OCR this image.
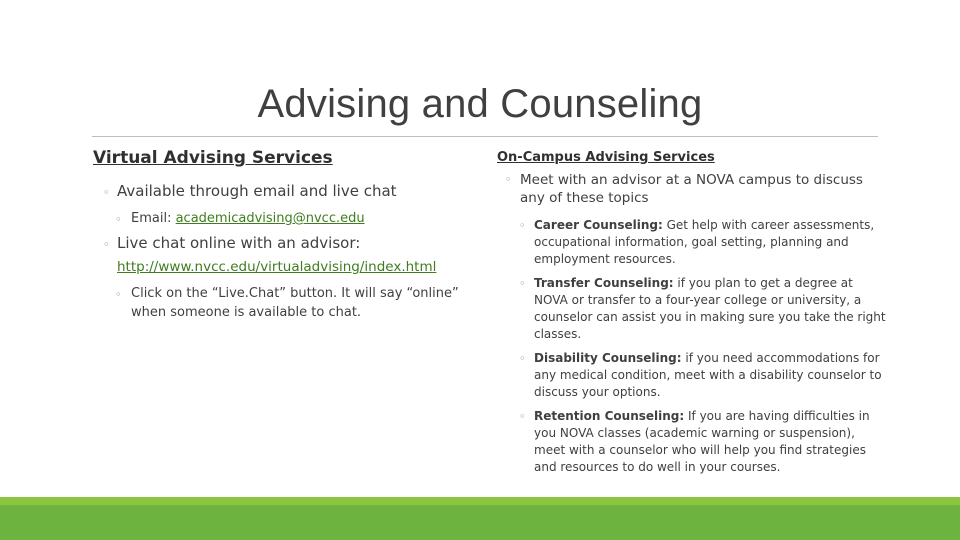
Advising and Counseling
Virtual Advising Services
◦ Available through email and live chat
◦ Email: academicadvising@nvcc.edu
◦ Live chat online with an advisor:
http://www.nvcc.edu/virtualadvising/index.html
◦ Click on the “Live.Chat” button. It will say “online” when someone is available to chat.
On-Campus Advising Services
◦ Meet with an advisor at a NOVA campus to discuss any of these topics
◦ Career Counseling: Get help with career assessments, occupational information, goal setting, planning and employment resources.
◦ Transfer Counseling: if you plan to get a degree at NOVA or transfer to a four-year college or university, a counselor can assist you in making sure you take the right classes.
◦ Disability Counseling: if you need accommodations for any medical condition, meet with a disability counselor to discuss your options.
◦ Retention Counseling: If you are having difficulties in you NOVA classes (academic warning or suspension), meet with a counselor who will help you find strategies and resources to do well in your courses.
